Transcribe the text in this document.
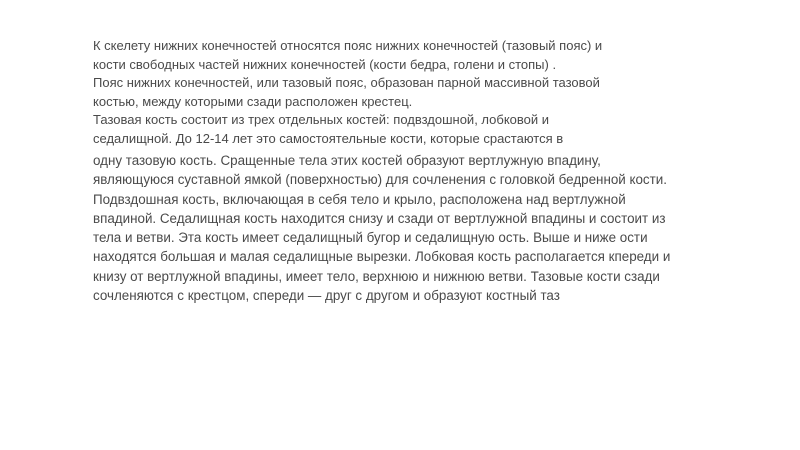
К скелету нижних конечностей относятся пояс нижних конечностей (тазовый пояс) и
кости свободных частей нижних конечностей (кости бедра, голени и стопы) .
Пояс нижних конечностей, или тазовый пояс, образован парной массивной тазовой
костью, между которыми сзади расположен крестец.
Тазовая кость состоит из трех отдельных костей: подвздошной, лобковой и
седалищной. До 12-14 лет это самостоятельные кости, которые срастаются в
одну тазовую кость. Сращенные тела этих костей образуют вертлужную впадину,
являющуюся суставной ямкой (поверхностью) для сочленения с головкой бедренной кости.
Подвздошная кость, включающая в себя тело и крыло, расположена над вертлужной
впадиной. Седалищная кость находится снизу и сзади от вертлужной впадины и состоит из
тела и ветви. Эта кость имеет седалищный бугор и седалищную ость. Выше и ниже ости
находятся большая и малая седалищные вырезки. Лобковая кость располагается кпереди и
книзу от вертлужной впадины, имеет тело, верхнюю и нижнюю ветви. Тазовые кости сзади
сочленяются с крестцом, спереди — друг с другом и образуют костный таз
